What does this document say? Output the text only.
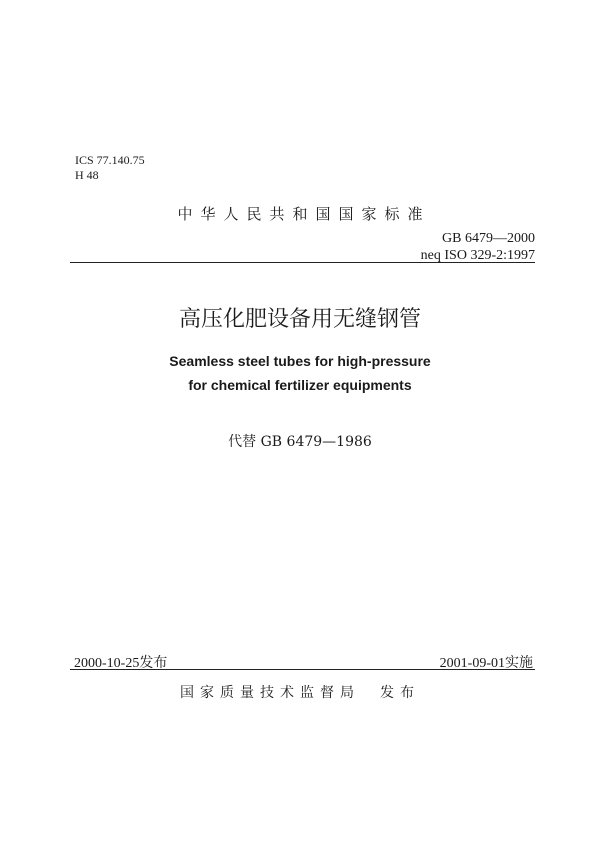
ICS 77.140.75
H 48
中华人民共和国国家标准
GB 6479—2000
neq ISO 329-2:1997
高压化肥设备用无缝钢管
Seamless steel tubes for high-pressure
for chemical fertilizer equipments
代替 GB 6479—1986
2000-10-25发布	2001-09-01实施
国家质量技术监督局　发布
